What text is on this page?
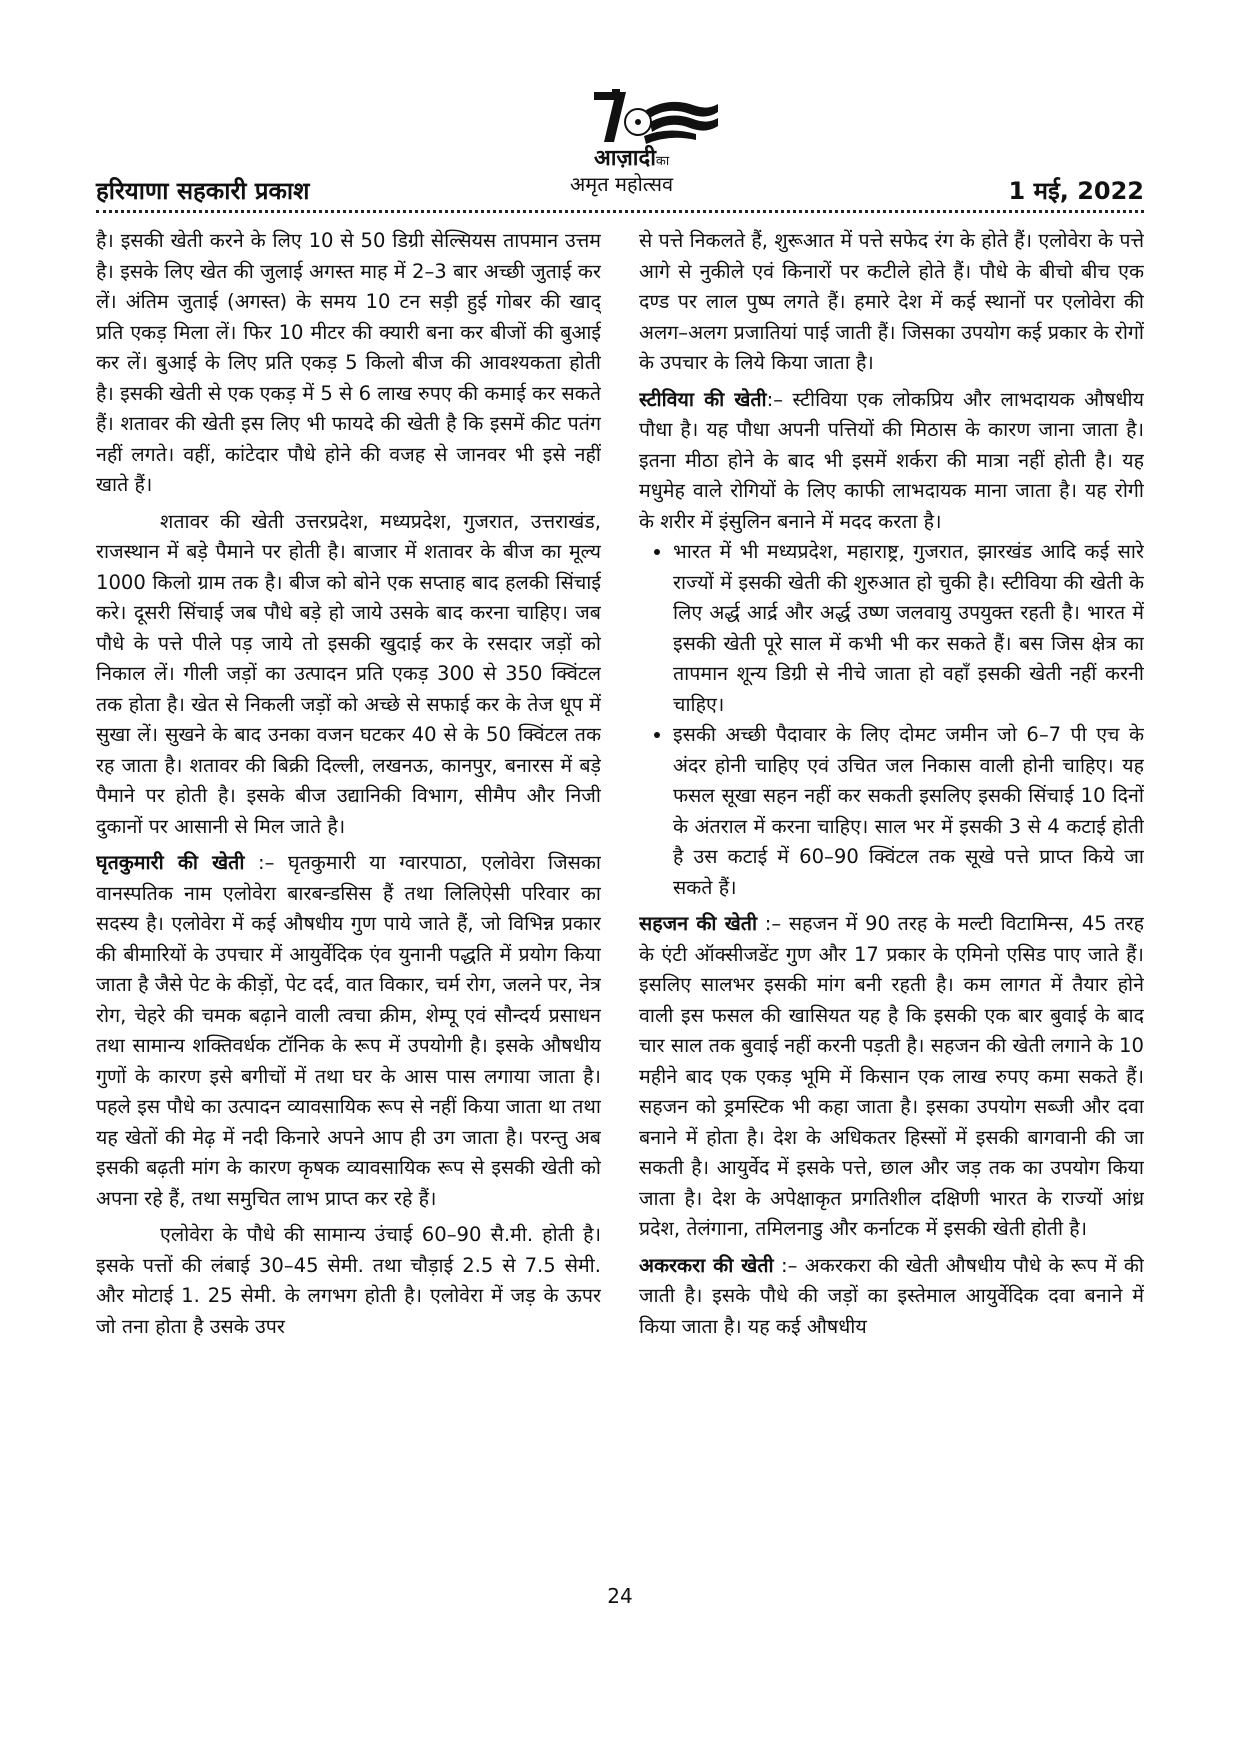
आज़ादीका
अमृत महोत्सव
हरियाणा सहकारी प्रकाश	1 मई, 2022

है। इसकी खेती करने के लिए 10 से 50 डिग्री सेल्सियस तापमान उत्तम है। इसके लिए खेत की जुलाई अगस्त माह में 2–3 बार अच्छी जुताई कर लें। अंतिम जुताई (अगस्त) के समय 10 टन सड़ी हुई गोबर की खाद् प्रति एकड़ मिला लें। फिर 10 मीटर की क्यारी बना कर बीजों की बुआई कर लें। बुआई के लिए प्रति एकड़ 5 किलो बीज की आवश्यकता होती है। इसकी खेती से एक एकड़ में 5 से 6 लाख रुपए की कमाई कर सकते हैं। शतावर की खेती इस लिए भी फायदे की खेती है कि इसमें कीट पतंग नहीं लगते। वहीं, कांटेदार पौधे होने की वजह से जानवर भी इसे नहीं खाते हैं।

शतावर की खेती उत्तरप्रदेश, मध्यप्रदेश, गुजरात, उत्तराखंड, राजस्थान में बड़े पैमाने पर होती है। बाजार में शतावर के बीज का मूल्य 1000 किलो ग्राम तक है। बीज को बोने एक सप्ताह बाद हलकी सिंचाई करे। दूसरी सिंचाई जब पौधे बड़े हो जाये उसके बाद करना चाहिए। जब पौधे के पत्ते पीले पड़ जाये तो इसकी खुदाई कर के रसदार जड़ों को निकाल लें। गीली जड़ों का उत्पादन प्रति एकड़ 300 से 350 क्विंटल तक होता है। खेत से निकली जड़ों को अच्छे से सफाई कर के तेज धूप में सुखा लें। सुखने के बाद उनका वजन घटकर 40 से के 50 क्विंटल तक रह जाता है। शतावर की बिक्री दिल्ली, लखनऊ, कानपुर, बनारस में बड़े पैमाने पर होती है। इसके बीज उद्यानिकी विभाग, सीमैप और निजी दुकानों पर आसानी से मिल जाते है।

घृतकुमारी की खेती :– घृतकुमारी या ग्वारपाठा, एलोवेरा जिसका वानस्पतिक नाम एलोवेरा बारबन्डसिस हैं तथा लिलिऐसी परिवार का सदस्य है। एलोवेरा में कई औषधीय गुण पाये जाते हैं, जो विभिन्न प्रकार की बीमारियों के उपचार में आयुर्वेदिक एंव युनानी पद्धति में प्रयोग किया जाता है जैसे पेट के कीड़ों, पेट दर्द, वात विकार, चर्म रोग, जलने पर, नेत्र रोग, चेहरे की चमक बढ़ाने वाली त्वचा क्रीम, शेम्पू एवं सौन्दर्य प्रसाधन तथा सामान्य शक्तिवर्धक टॉनिक के रूप में उपयोगी है। इसके औषधीय गुणों के कारण इसे बगीचों में तथा घर के आस पास लगाया जाता है। पहले इस पौधे का उत्पादन व्यावसायिक रूप से नहीं किया जाता था तथा यह खेतों की मेढ़ में नदी किनारे अपने आप ही उग जाता है। परन्तु अब इसकी बढ़ती मांग के कारण कृषक व्यावसायिक रूप से इसकी खेती को अपना रहे हैं, तथा समुचित लाभ प्राप्त कर रहे हैं।

एलोवेरा के पौधे की सामान्य उंचाई 60–90 सै.मी. होती है। इसके पत्तों की लंबाई 30–45 सेमी. तथा चौड़ाई 2.5 से 7.5 सेमी. और मोटाई 1. 25 सेमी. के लगभग होती है। एलोवेरा में जड़ के ऊपर जो तना होता है उसके उपर

से पत्ते निकलते हैं, शुरूआत में पत्ते सफेद रंग के होते हैं। एलोवेरा के पत्ते आगे से नुकीले एवं किनारों पर कटीले होते हैं। पौधे के बीचो बीच एक दण्ड पर लाल पुष्प लगते हैं। हमारे देश में कई स्थानों पर एलोवेरा की अलग–अलग प्रजातियां पाई जाती हैं। जिसका उपयोग कई प्रकार के रोगों के उपचार के लिये किया जाता है।

स्टीविया की खेती:– स्टीविया एक लोकप्रिय और लाभदायक औषधीय पौधा है। यह पौधा अपनी पत्तियों की मिठास के कारण जाना जाता है। इतना मीठा होने के बाद भी इसमें शर्करा की मात्रा नहीं होती है। यह मधुमेह वाले रोगियों के लिए काफी लाभदायक माना जाता है। यह रोगी के शरीर में इंसुलिन बनाने में मदद करता है।

• भारत में भी मध्यप्रदेश, महाराष्ट्र, गुजरात, झारखंड आदि कई सारे राज्यों में इसकी खेती की शुरुआत हो चुकी है। स्टीविया की खेती के लिए अर्द्ध आर्द्र और अर्द्ध उष्ण जलवायु उपयुक्त रहती है। भारत में इसकी खेती पूरे साल में कभी भी कर सकते हैं। बस जिस क्षेत्र का तापमान शून्य डिग्री से नीचे जाता हो वहाँ इसकी खेती नहीं करनी चाहिए।
• इसकी अच्छी पैदावार के लिए दोमट जमीन जो 6–7 पी एच के अंदर होनी चाहिए एवं उचित जल निकास वाली होनी चाहिए। यह फसल सूखा सहन नहीं कर सकती इसलिए इसकी सिंचाई 10 दिनों के अंतराल में करना चाहिए। साल भर में इसकी 3 से 4 कटाई होती है उस कटाई में 60–90 क्विंटल तक सूखे पत्ते प्राप्त किये जा सकते हैं।

सहजन की खेती :– सहजन में 90 तरह के मल्टी विटामिन्स, 45 तरह के एंटी ऑक्सीजडेंट गुण और 17 प्रकार के एमिनो एसिड पाए जाते हैं। इसलिए सालभर इसकी मांग बनी रहती है। कम लागत में तैयार होने वाली इस फसल की खासियत यह है कि इसकी एक बार बुवाई के बाद चार साल तक बुवाई नहीं करनी पड़ती है। सहजन की खेती लगाने के 10 महीने बाद एक एकड़ भूमि में किसान एक लाख रुपए कमा सकते हैं। सहजन को ड्रमस्टिक भी कहा जाता है। इसका उपयोग सब्जी और दवा बनाने में होता है। देश के अधिकतर हिस्सों में इसकी बागवानी की जा सकती है। आयुर्वेद में इसके पत्ते, छाल और जड़ तक का उपयोग किया जाता है। देश के अपेक्षाकृत प्रगतिशील दक्षिणी भारत के राज्यों आंध्र प्रदेश, तेलंगाना, तमिलनाडु और कर्नाटक में इसकी खेती होती है।

अकरकरा की खेती :– अकरकरा की खेती औषधीय पौधे के रूप में की जाती है। इसके पौधे की जड़ों का इस्तेमाल आयुर्वेदिक दवा बनाने में किया जाता है। यह कई औषधीय

24
